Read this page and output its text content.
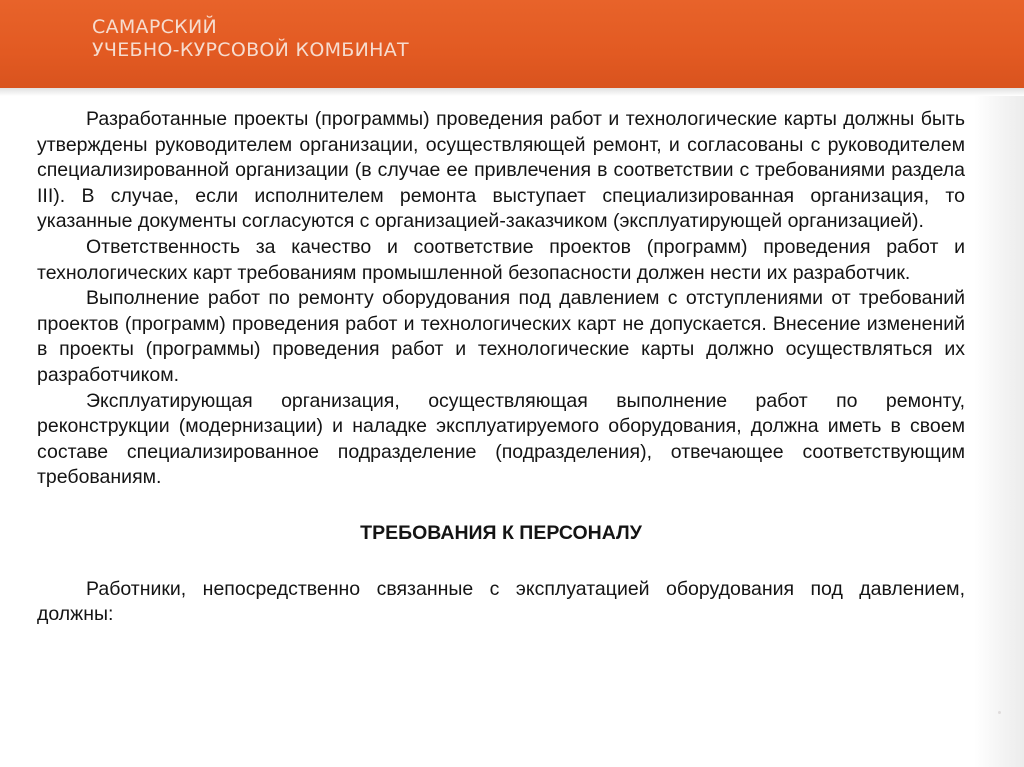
САМАРСКИЙ
УЧЕБНО-КУРСОВОЙ КОМБИНАТ

Разработанные проекты (программы) проведения работ и технологические карты должны быть утверждены руководителем организации, осуществляющей ремонт, и согласованы с руководителем специализированной организации (в случае ее привлечения в соответствии с требованиями раздела III). В случае, если исполнителем ремонта выступает специализированная организация, то указанные документы согласуются с организацией-заказчиком (эксплуатирующей организацией).

Ответственность за качество и соответствие проектов (программ) проведения работ и технологических карт требованиям промышленной безопасности должен нести их разработчик.

Выполнение работ по ремонту оборудования под давлением с отступлениями от требований проектов (программ) проведения работ и технологических карт не допускается. Внесение изменений в проекты (программы) проведения работ и технологические карты должно осуществляться их разработчиком.

Эксплуатирующая организация, осуществляющая выполнение работ по ремонту, реконструкции (модернизации) и наладке эксплуатируемого оборудования, должна иметь в своем составе специализированное подразделение (подразделения), отвечающее соответствующим требованиям.

ТРЕБОВАНИЯ К ПЕРСОНАЛУ

Работники, непосредственно связанные с эксплуатацией оборудования под давлением, должны:
